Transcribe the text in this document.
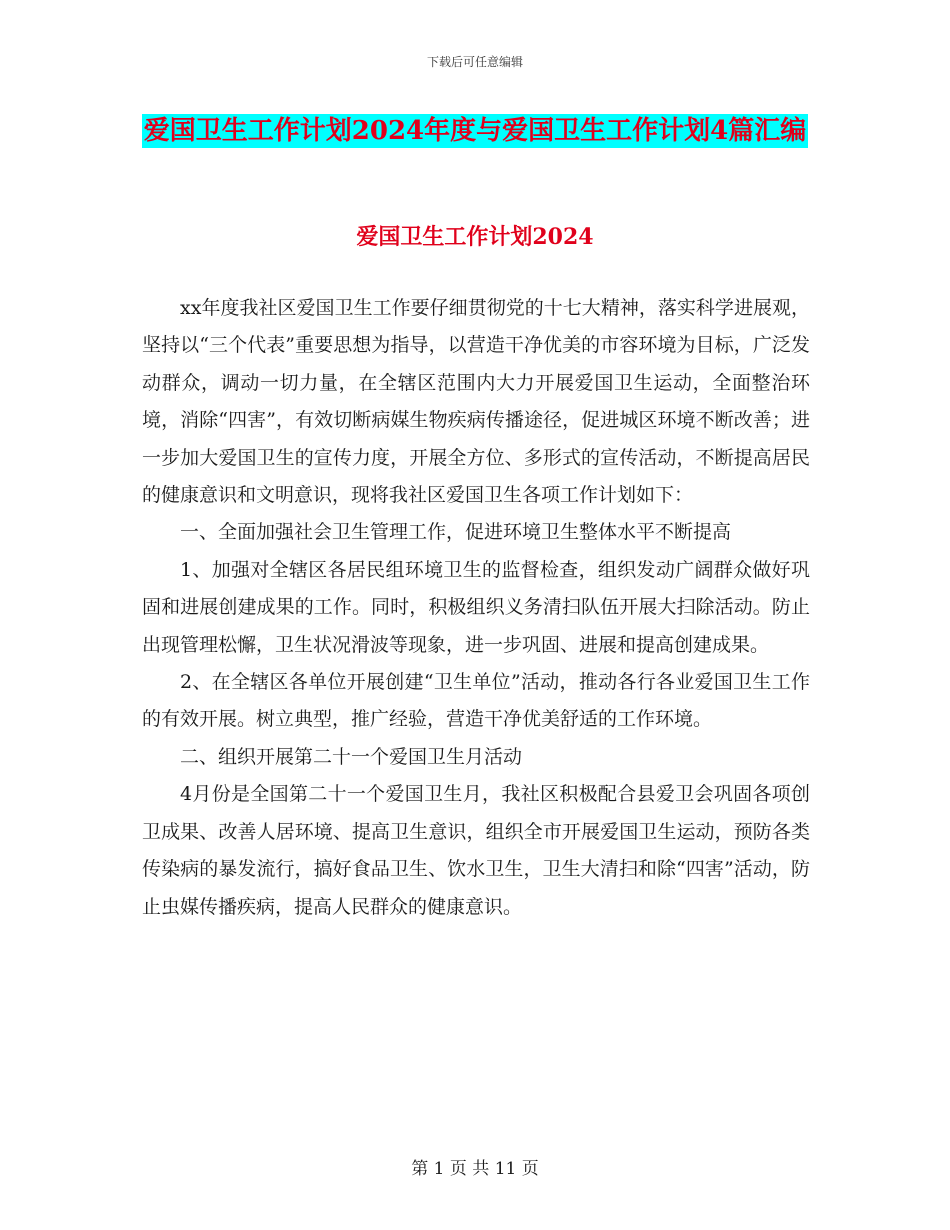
下载后可任意编辑
爱国卫生工作计划2024年度与爱国卫生工作计划4篇汇编
爱国卫生工作计划2024

xx年度我社区爱国卫生工作要仔细贯彻党的十七大精神，落实科学进展观，坚持以“三个代表”重要思想为指导，以营造干净优美的市容环境为目标，广泛发动群众，调动一切力量，在全辖区范围内大力开展爱国卫生运动，全面整治环境，消除“四害”，有效切断病媒生物疾病传播途径，促进城区环境不断改善；进一步加大爱国卫生的宣传力度，开展全方位、多形式的宣传活动，不断提高居民的健康意识和文明意识，现将我社区爱国卫生各项工作计划如下：

一、全面加强社会卫生管理工作，促进环境卫生整体水平不断提高

1、加强对全辖区各居民组环境卫生的监督检查，组织发动广阔群众做好巩固和进展创建成果的工作。同时，积极组织义务清扫队伍开展大扫除活动。防止出现管理松懈，卫生状况滑波等现象，进一步巩固、进展和提高创建成果。

2、在全辖区各单位开展创建“卫生单位”活动，推动各行各业爱国卫生工作的有效开展。树立典型，推广经验，营造干净优美舒适的工作环境。

二、组织开展第二十一个爱国卫生月活动

4月份是全国第二十一个爱国卫生月，我社区积极配合县爱卫会巩固各项创卫成果、改善人居环境、提高卫生意识，组织全市开展爱国卫生运动，预防各类传染病的暴发流行，搞好食品卫生、饮水卫生，卫生大清扫和除“四害”活动，防止虫媒传播疾病，提高人民群众的健康意识。

第 1 页 共 11 页
